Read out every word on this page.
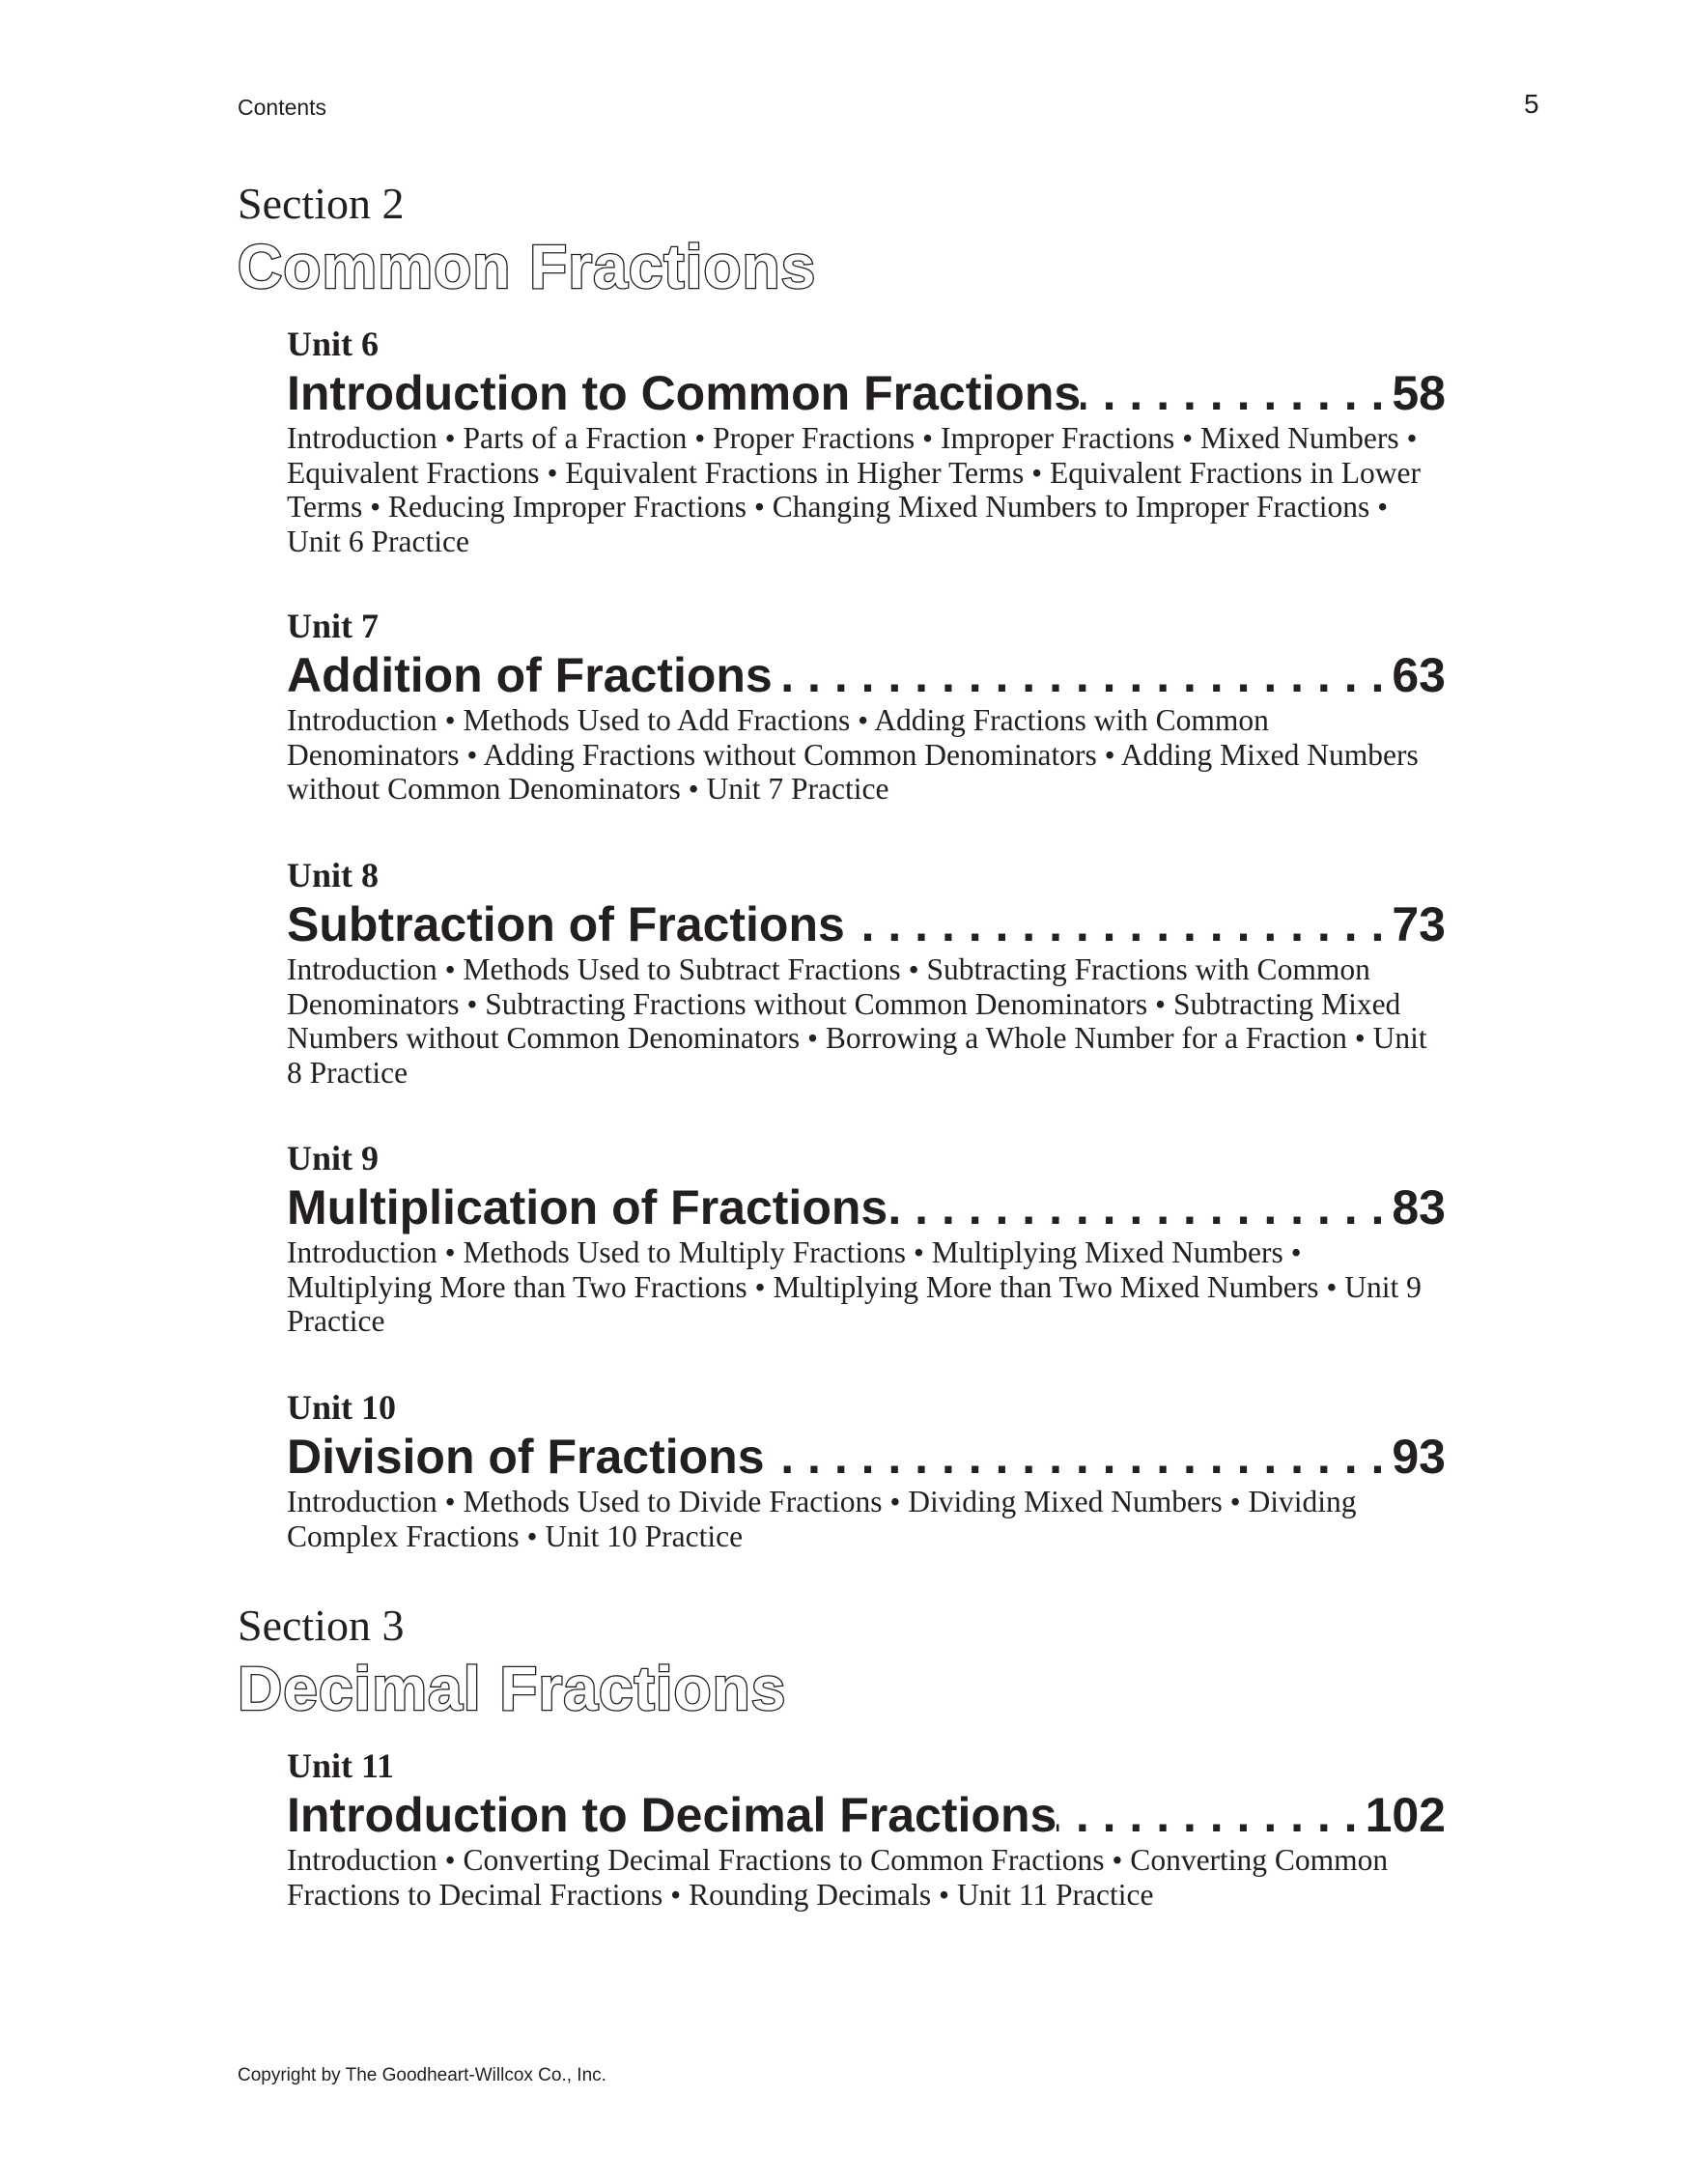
Contents	5
Section 2
Common Fractions
Unit 6
Introduction to Common Fractions . . .	58
Introduction • Parts of a Fraction • Proper Fractions • Improper Fractions • Mixed Numbers • Equivalent Fractions • Equivalent Fractions in Higher Terms • Equivalent Fractions in Lower Terms • Reducing Improper Fractions • Changing Mixed Numbers to Improper Fractions • Unit 6 Practice
Unit 7
Addition of Fractions . . .	63
Introduction • Methods Used to Add Fractions • Adding Fractions with Common Denominators • Adding Fractions without Common Denominators • Adding Mixed Numbers without Common Denominators • Unit 7 Practice
Unit 8
Subtraction of Fractions . . .	73
Introduction • Methods Used to Subtract Fractions • Subtracting Fractions with Common Denominators • Subtracting Fractions without Common Denominators • Subtracting Mixed Numbers without Common Denominators • Borrowing a Whole Number for a Fraction • Unit 8 Practice
Unit 9
Multiplication of Fractions . . .	83
Introduction • Methods Used to Multiply Fractions • Multiplying Mixed Numbers • Multiplying More than Two Fractions • Multiplying More than Two Mixed Numbers • Unit 9 Practice
Unit 10
Division of Fractions . . .	93
Introduction • Methods Used to Divide Fractions • Dividing Mixed Numbers • Dividing Complex Fractions • Unit 10 Practice
Section 3
Decimal Fractions
Unit 11
Introduction to Decimal Fractions . . .	102
Introduction • Converting Decimal Fractions to Common Fractions • Converting Common Fractions to Decimal Fractions • Rounding Decimals • Unit 11 Practice
Copyright by The Goodheart-Willcox Co., Inc.
